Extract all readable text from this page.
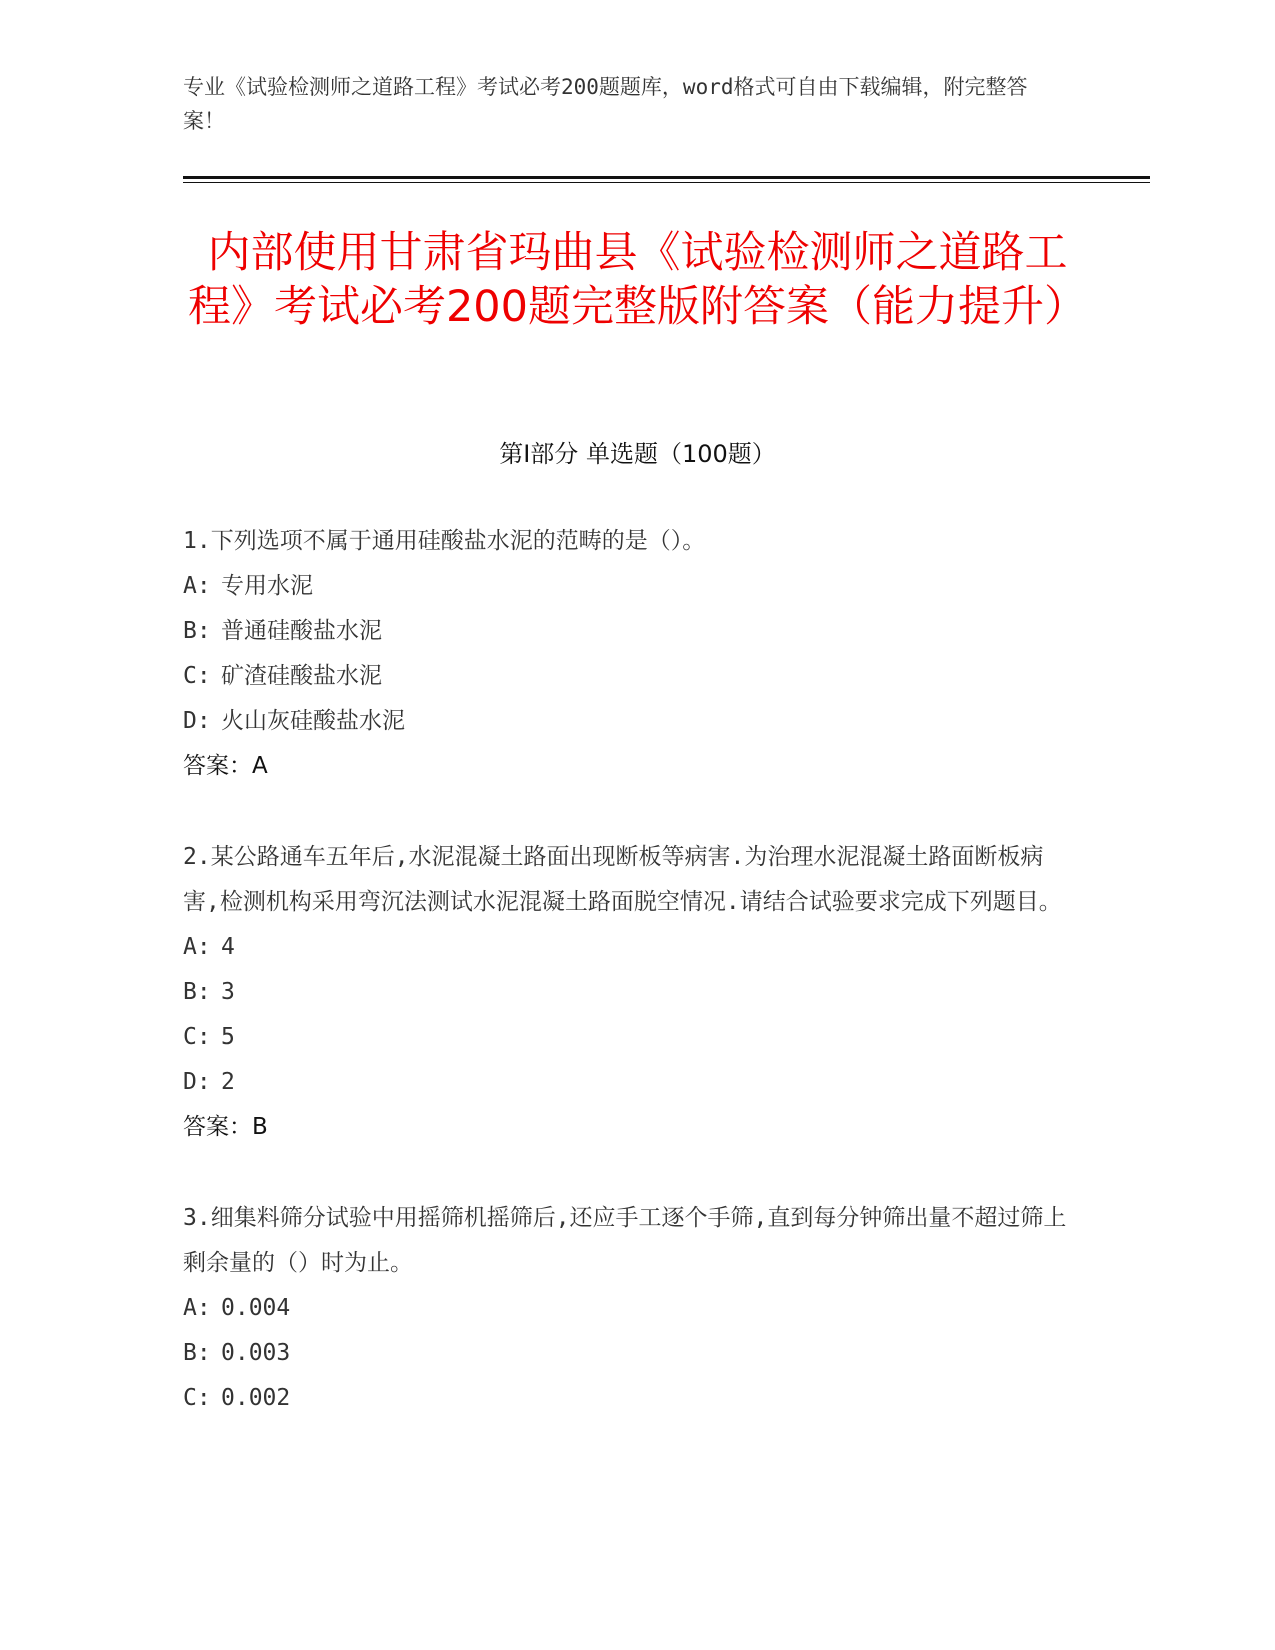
专业《试验检测师之道路工程》考试必考200题题库，word格式可自由下载编辑，附完整答案！
内部使用甘肃省玛曲县《试验检测师之道路工程》考试必考200题完整版附答案（能力提升）
第Ⅰ部分 单选题（100题）

1.下列选项不属于通用硅酸盐水泥的范畴的是（）。

A: 专用水泥

B: 普通硅酸盐水泥

C: 矿渣硅酸盐水泥

D: 火山灰硅酸盐水泥

答案：A

2.某公路通车五年后,水泥混凝土路面出现断板等病害.为治理水泥混凝土路面断板病害,检测机构采用弯沉法测试水泥混凝土路面脱空情况.请结合试验要求完成下列题目。

A: 4

B: 3

C: 5

D: 2

答案：B

3.细集料筛分试验中用摇筛机摇筛后,还应手工逐个手筛,直到每分钟筛出量不超过筛上剩余量的（）时为止。

A: 0.004

B: 0.003

C: 0.002
